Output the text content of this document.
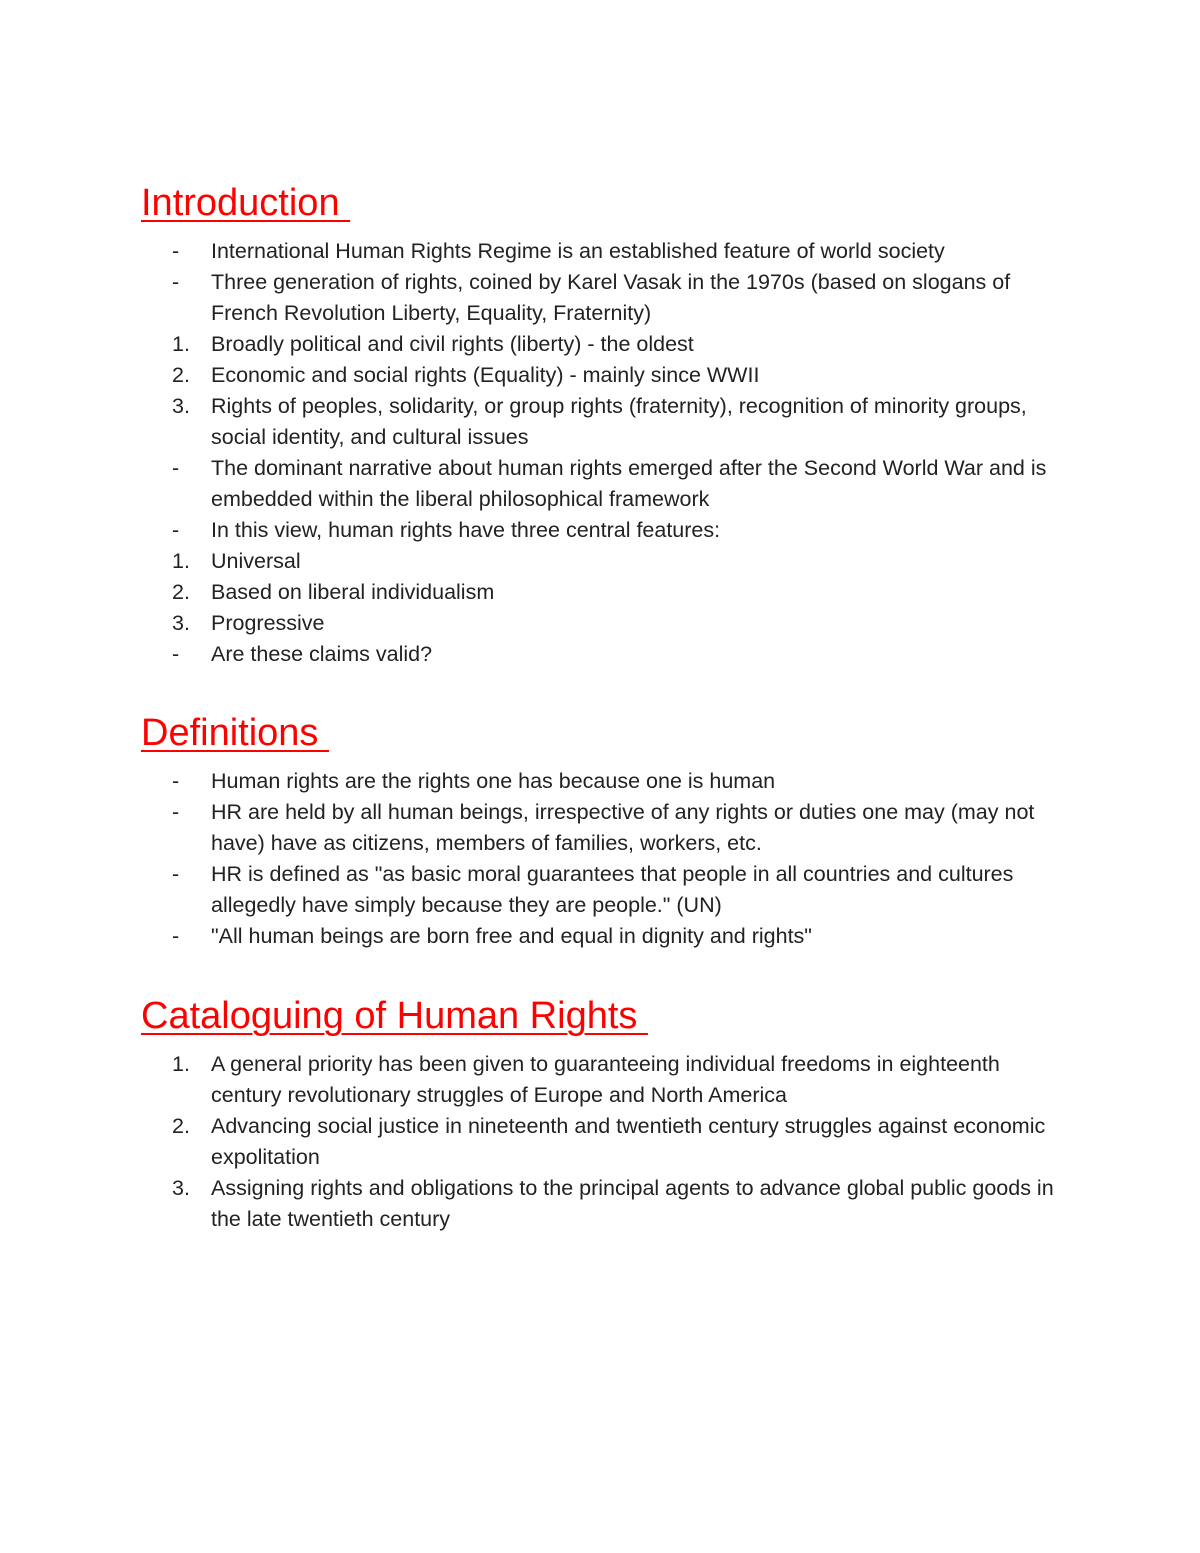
Introduction
-	International Human Rights Regime is an established feature of world society
-	Three generation of rights, coined by Karel Vasak in the 1970s (based on slogans of French Revolution Liberty, Equality, Fraternity)
1. Broadly political and civil rights (liberty) - the oldest
2. Economic and social rights (Equality) - mainly since WWII
3. Rights of peoples, solidarity, or group rights (fraternity), recognition of minority groups, social identity, and cultural issues
-	The dominant narrative about human rights emerged after the Second World War and is embedded within the liberal philosophical framework
-	In this view, human rights have three central features:
1. Universal
2. Based on liberal individualism
3. Progressive
-	Are these claims valid?
Definitions
-	Human rights are the rights one has because one is human
-	HR are held by all human beings, irrespective of any rights or duties one may (may not have) have as citizens, members of families, workers, etc.
-	HR is defined as "as basic moral guarantees that people in all countries and cultures allegedly have simply because they are people." (UN)
-	"All human beings are born free and equal in dignity and rights"
Cataloguing of Human Rights
1. A general priority has been given to guaranteeing individual freedoms in eighteenth century revolutionary struggles of Europe and North America
2. Advancing social justice in nineteenth and twentieth century struggles against economic expolitation
3. Assigning rights and obligations to the principal agents to advance global public goods in the late twentieth century
